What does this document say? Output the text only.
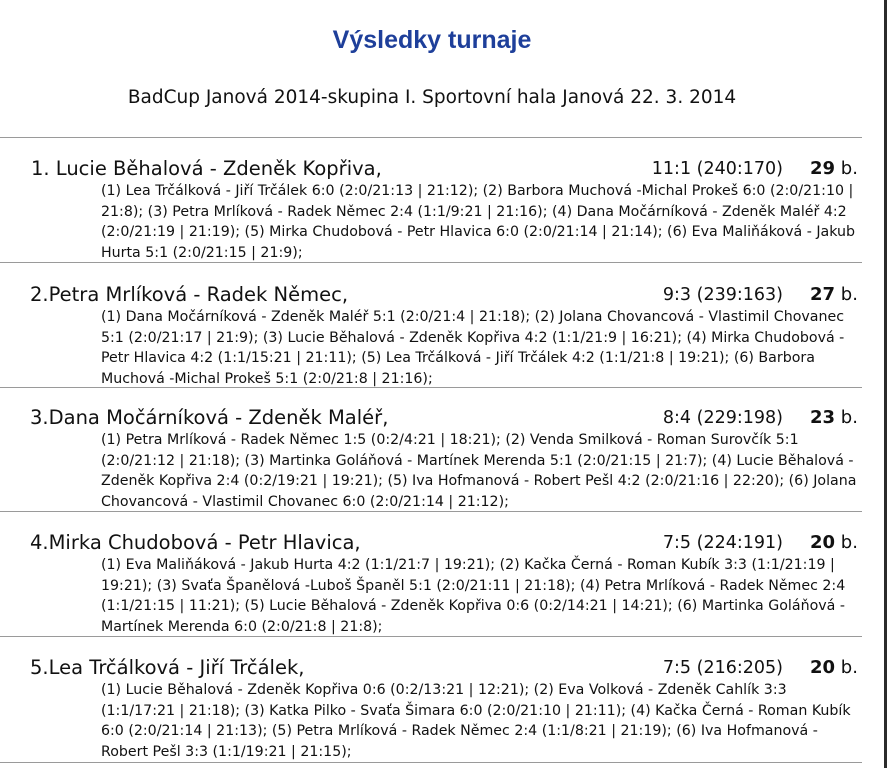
Výsledky turnaje
BadCup Janová 2014-skupina I. Sportovní hala Janová 22. 3. 2014
1. Lucie Běhalová - Zdeněk Kopřiva,	11:1 (240:170) 29 b.
(1) Lea Trčálková - Jiří Trčálek 6:0 (2:0/21:13 | 21:12); (2) Barbora Muchová -Michal Prokeš 6:0 (2:0/21:10 | 21:8); (3) Petra Mrlíková - Radek Němec 2:4 (1:1/9:21 | 21:16); (4) Dana Močárníková - Zdeněk Maléř 4:2 (2:0/21:19 | 21:19); (5) Mirka Chudobová - Petr Hlavica 6:0 (2:0/21:14 | 21:14); (6) Eva Maliňáková - Jakub Hurta 5:1 (2:0/21:15 | 21:9);
2.Petra Mrlíková - Radek Němec,	9:3 (239:163) 27 b.
(1) Dana Močárníková - Zdeněk Maléř 5:1 (2:0/21:4 | 21:18); (2) Jolana Chovancová - Vlastimil Chovanec 5:1 (2:0/21:17 | 21:9); (3) Lucie Běhalová - Zdeněk Kopřiva 4:2 (1:1/21:9 | 16:21); (4) Mirka Chudobová - Petr Hlavica 4:2 (1:1/15:21 | 21:11); (5) Lea Trčálková - Jiří Trčálek 4:2 (1:1/21:8 | 19:21); (6) Barbora Muchová -Michal Prokeš 5:1 (2:0/21:8 | 21:16);
3.Dana Močárníková - Zdeněk Maléř,	8:4 (229:198) 23 b.
(1) Petra Mrlíková - Radek Němec 1:5 (0:2/4:21 | 18:21); (2) Venda Smilková - Roman Surovčík 5:1 (2:0/21:12 | 21:18); (3) Martinka Goláňová - Martínek Merenda 5:1 (2:0/21:15 | 21:7); (4) Lucie Běhalová - Zdeněk Kopřiva 2:4 (0:2/19:21 | 19:21); (5) Iva Hofmanová - Robert Pešl 4:2 (2:0/21:16 | 22:20); (6) Jolana Chovancová - Vlastimil Chovanec 6:0 (2:0/21:14 | 21:12);
4.Mirka Chudobová - Petr Hlavica,	7:5 (224:191) 20 b.
(1) Eva Maliňáková - Jakub Hurta 4:2 (1:1/21:7 | 19:21); (2) Kačka Černá - Roman Kubík 3:3 (1:1/21:19 | 19:21); (3) Svaťa Španělová -Luboš Španěl 5:1 (2:0/21:11 | 21:18); (4) Petra Mrlíková - Radek Němec 2:4 (1:1/21:15 | 11:21); (5) Lucie Běhalová - Zdeněk Kopřiva 0:6 (0:2/14:21 | 14:21); (6) Martinka Goláňová - Martínek Merenda 6:0 (2:0/21:8 | 21:8);
5.Lea Trčálková - Jiří Trčálek,	7:5 (216:205) 20 b.
(1) Lucie Běhalová - Zdeněk Kopřiva 0:6 (0:2/13:21 | 12:21); (2) Eva Volková - Zdeněk Cahlík 3:3 (1:1/17:21 | 21:18); (3) Katka Pilko - Svaťa Šimara 6:0 (2:0/21:10 | 21:11); (4) Kačka Černá - Roman Kubík 6:0 (2:0/21:14 | 21:13); (5) Petra Mrlíková - Radek Němec 2:4 (1:1/8:21 | 21:19); (6) Iva Hofmanová - Robert Pešl 3:3 (1:1/19:21 | 21:15);
